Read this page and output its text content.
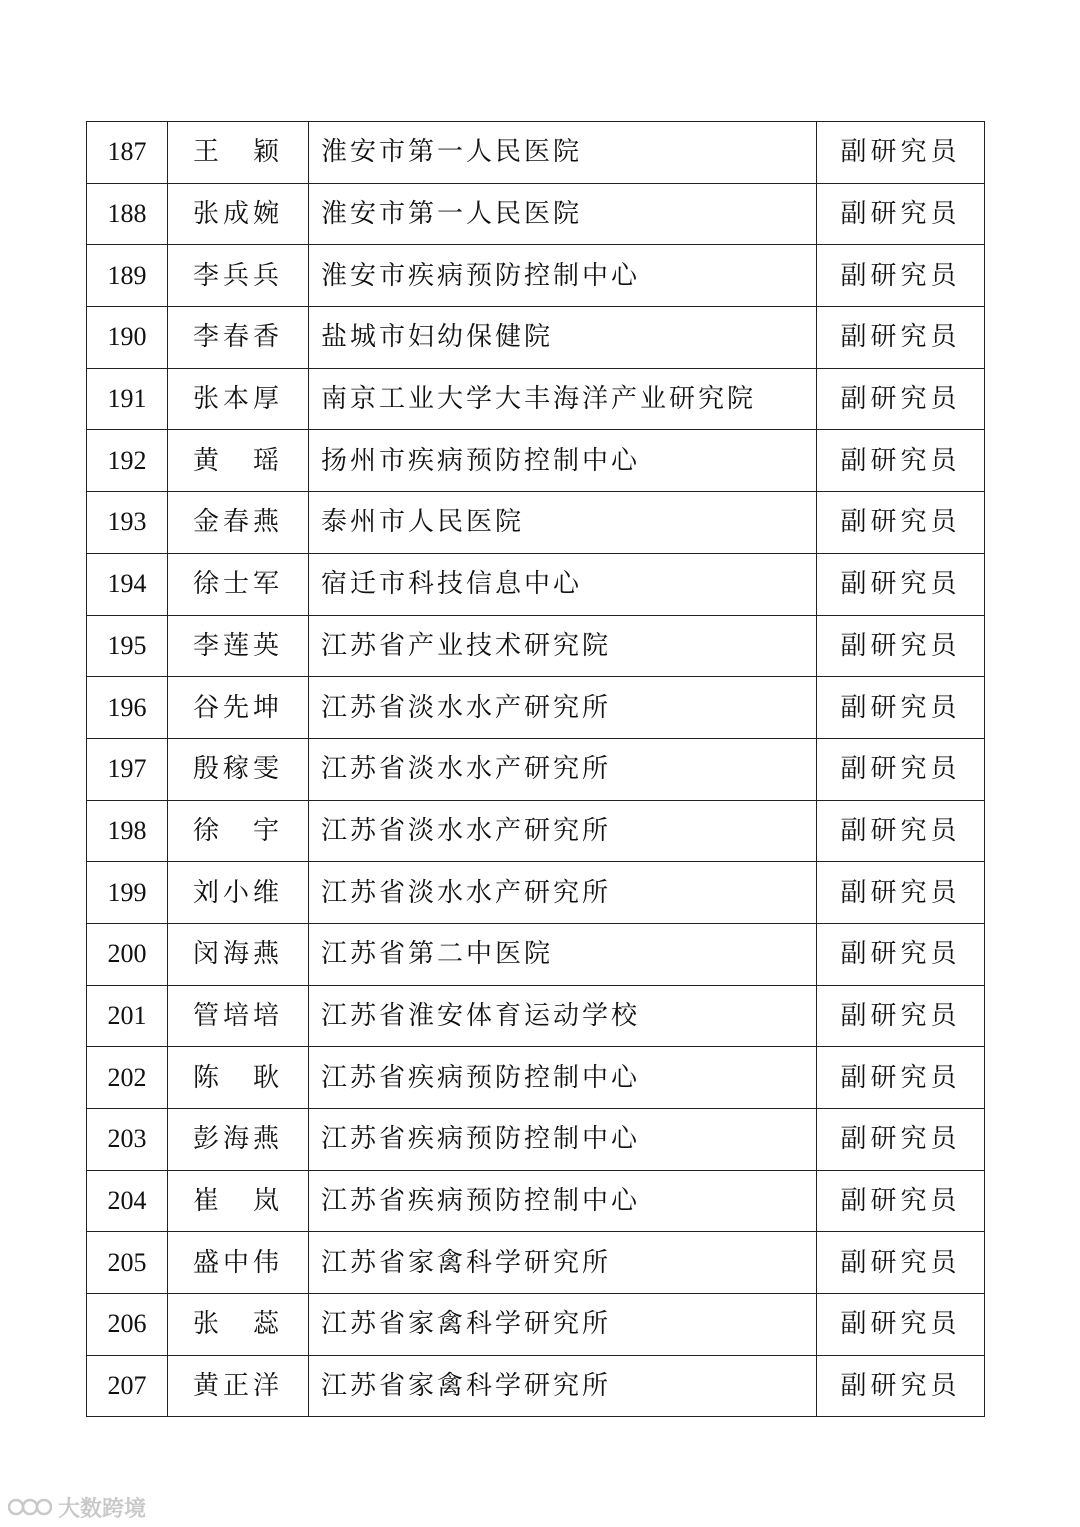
187	王　颖	淮安市第一人民医院	副研究员
188	张成婉	淮安市第一人民医院	副研究员
189	李兵兵	淮安市疾病预防控制中心	副研究员
190	李春香	盐城市妇幼保健院	副研究员
191	张本厚	南京工业大学大丰海洋产业研究院	副研究员
192	黄　瑶	扬州市疾病预防控制中心	副研究员
193	金春燕	泰州市人民医院	副研究员
194	徐士军	宿迁市科技信息中心	副研究员
195	李莲英	江苏省产业技术研究院	副研究员
196	谷先坤	江苏省淡水水产研究所	副研究员
197	殷稼雯	江苏省淡水水产研究所	副研究员
198	徐　宇	江苏省淡水水产研究所	副研究员
199	刘小维	江苏省淡水水产研究所	副研究员
200	闵海燕	江苏省第二中医院	副研究员
201	管培培	江苏省淮安体育运动学校	副研究员
202	陈　耿	江苏省疾病预防控制中心	副研究员
203	彭海燕	江苏省疾病预防控制中心	副研究员
204	崔　岚	江苏省疾病预防控制中心	副研究员
205	盛中伟	江苏省家禽科学研究所	副研究员
206	张　蕊	江苏省家禽科学研究所	副研究员
207	黄正洋	江苏省家禽科学研究所	副研究员
大数跨境
